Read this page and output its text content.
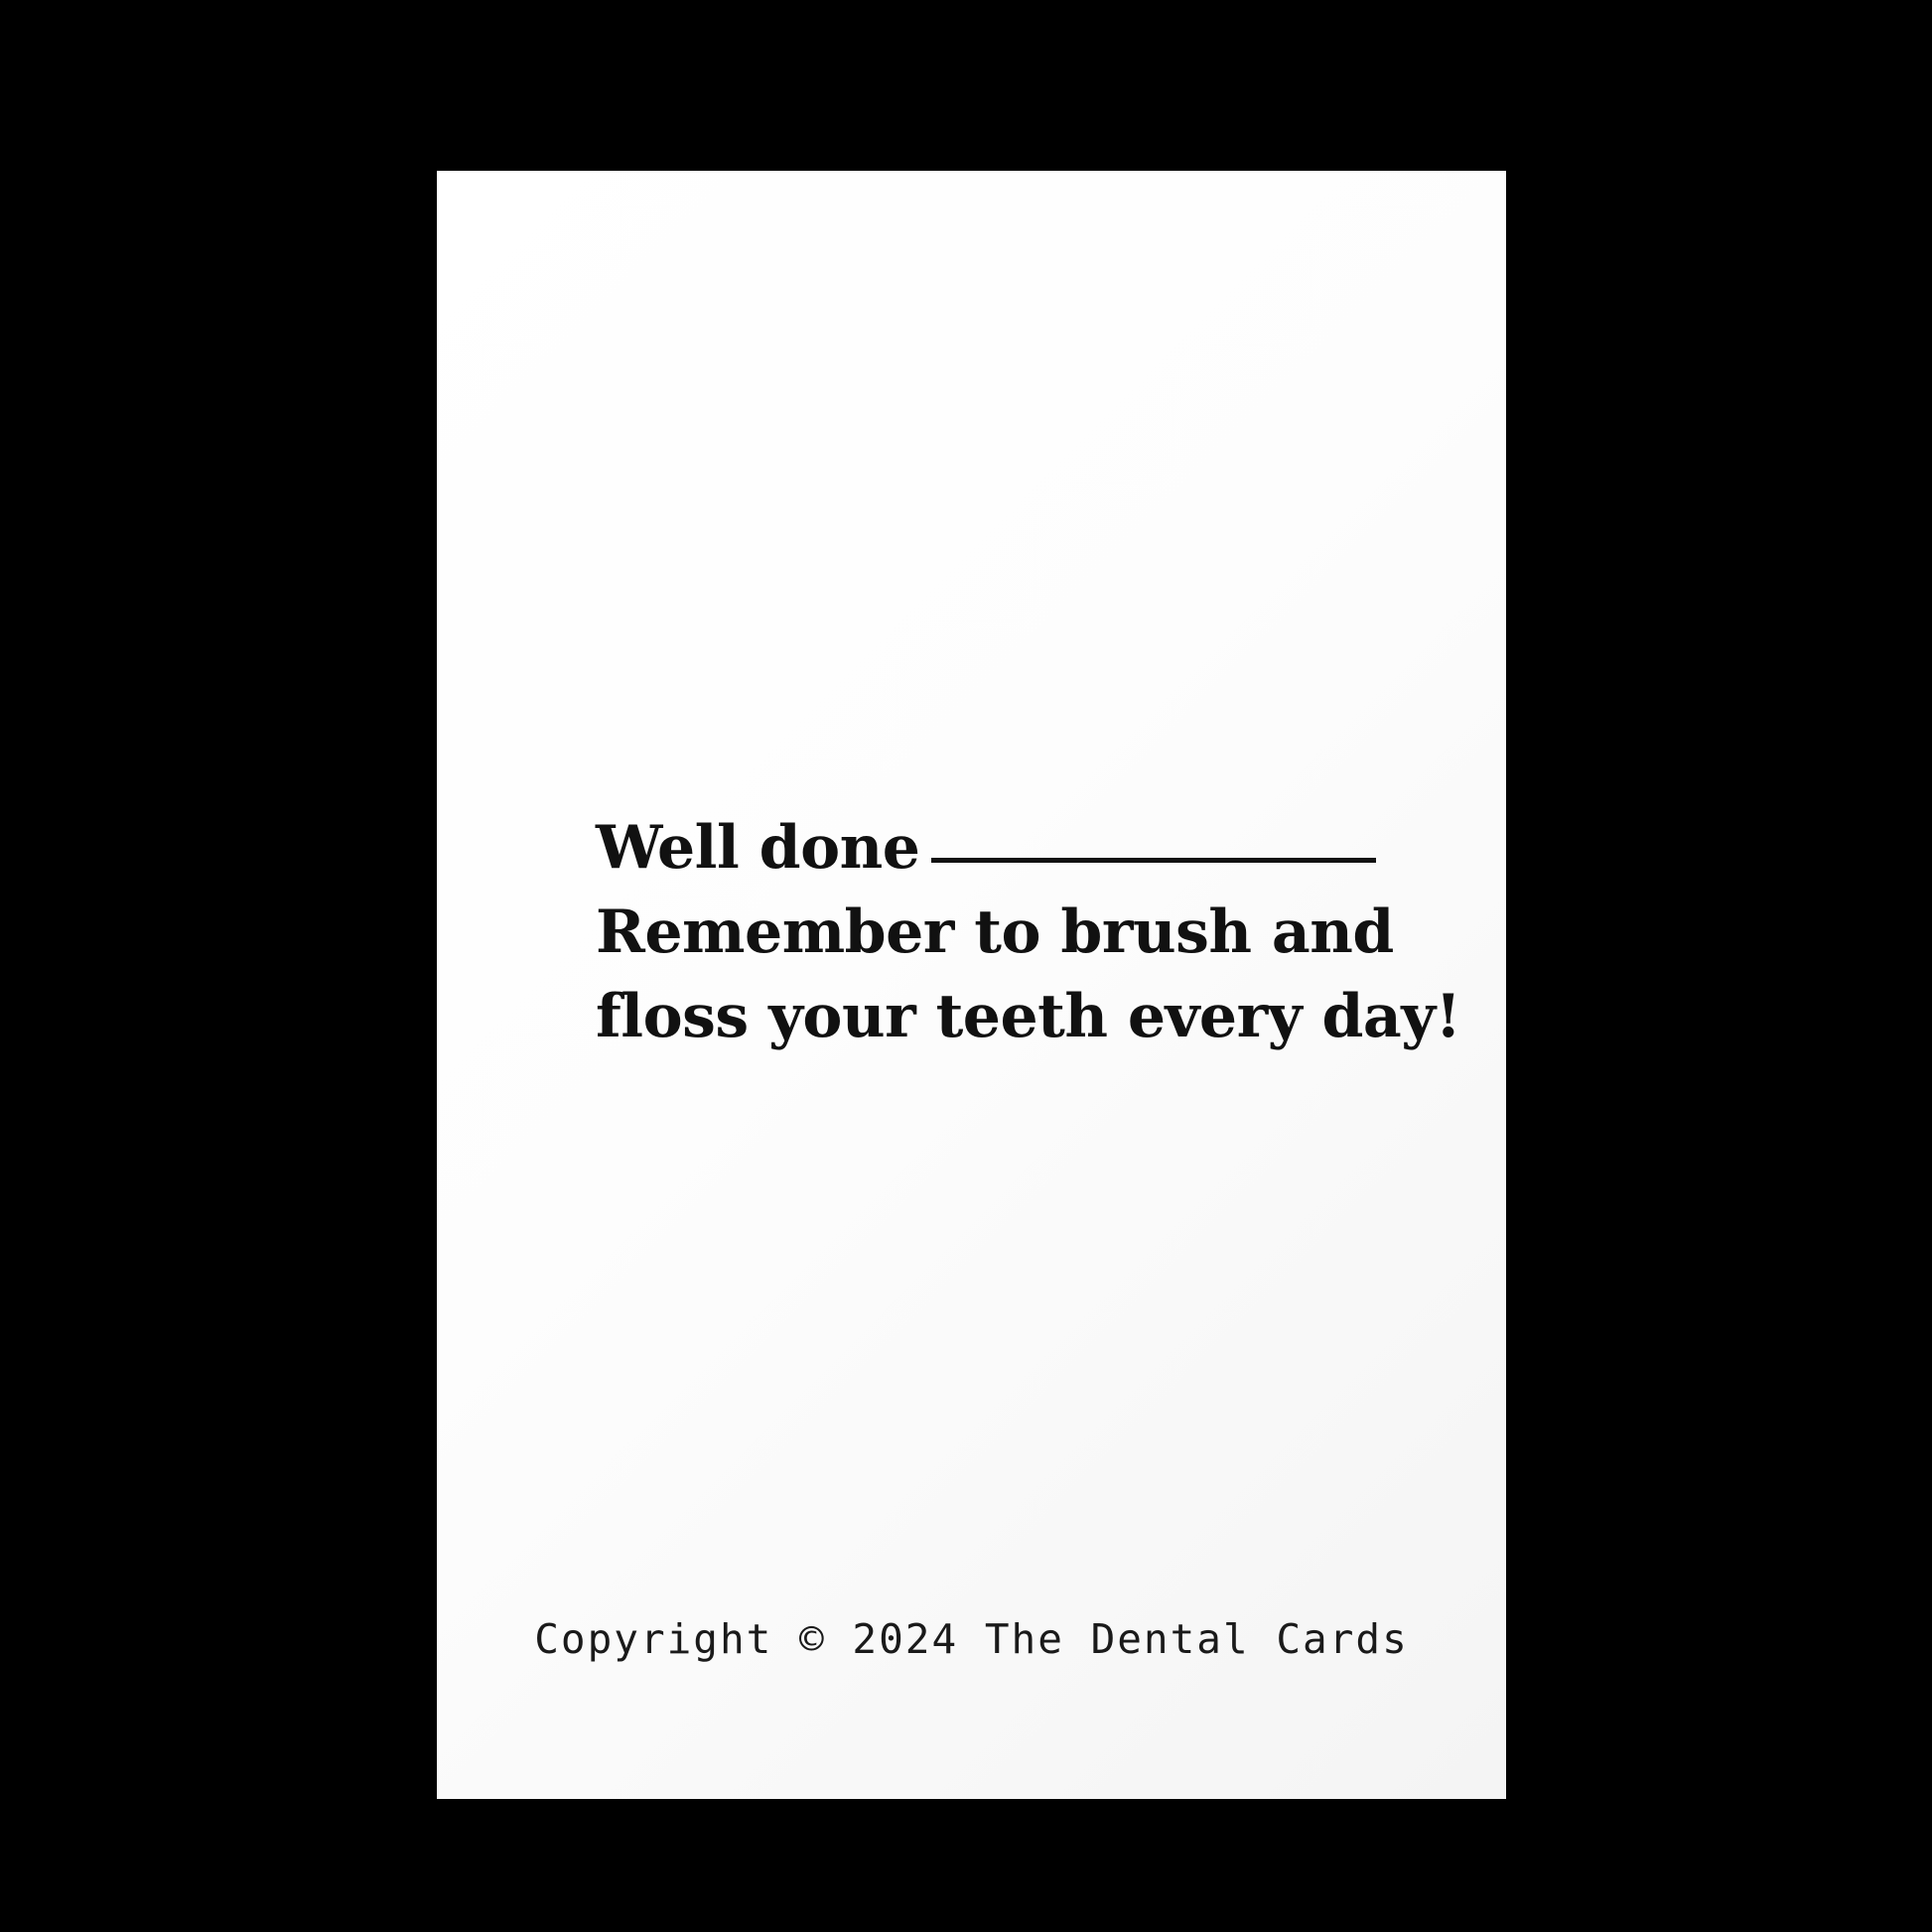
Well done
Remember to brush and
floss your teeth every day!
Copyright © 2024 The Dental Cards
